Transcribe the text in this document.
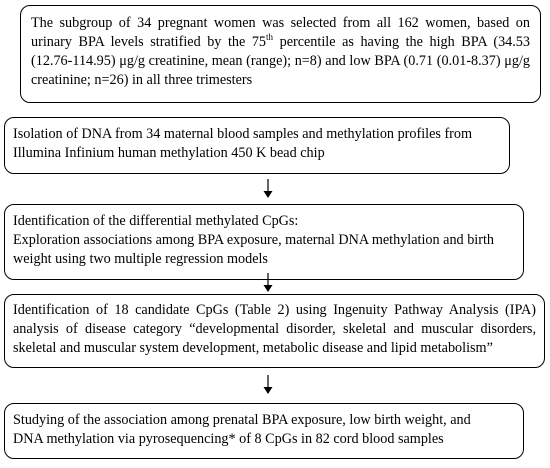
The subgroup of 34 pregnant women was selected from all 162 women, based on urinary BPA levels stratified by the 75th percentile as having the high BPA (34.53 (12.76-114.95) μg/g creatinine, mean (range); n=8) and low BPA (0.71 (0.01-8.37) μg/g creatinine; n=26) in all three trimesters
Isolation of DNA from 34 maternal blood samples and methylation profiles from
Illumina Infinium human methylation 450 K bead chip
Identification of the differential methylated CpGs:
Exploration associations among BPA exposure, maternal DNA methylation and birth weight using two multiple regression models
Identification of 18 candidate CpGs (Table 2) using Ingenuity Pathway Analysis (IPA) analysis of disease category “developmental disorder, skeletal and muscular disorders, skeletal and muscular system development, metabolic disease and lipid metabolism”
Studying of the association among prenatal BPA exposure, low birth weight, and
DNA methylation via pyrosequencing* of 8 CpGs in 82 cord blood samples
